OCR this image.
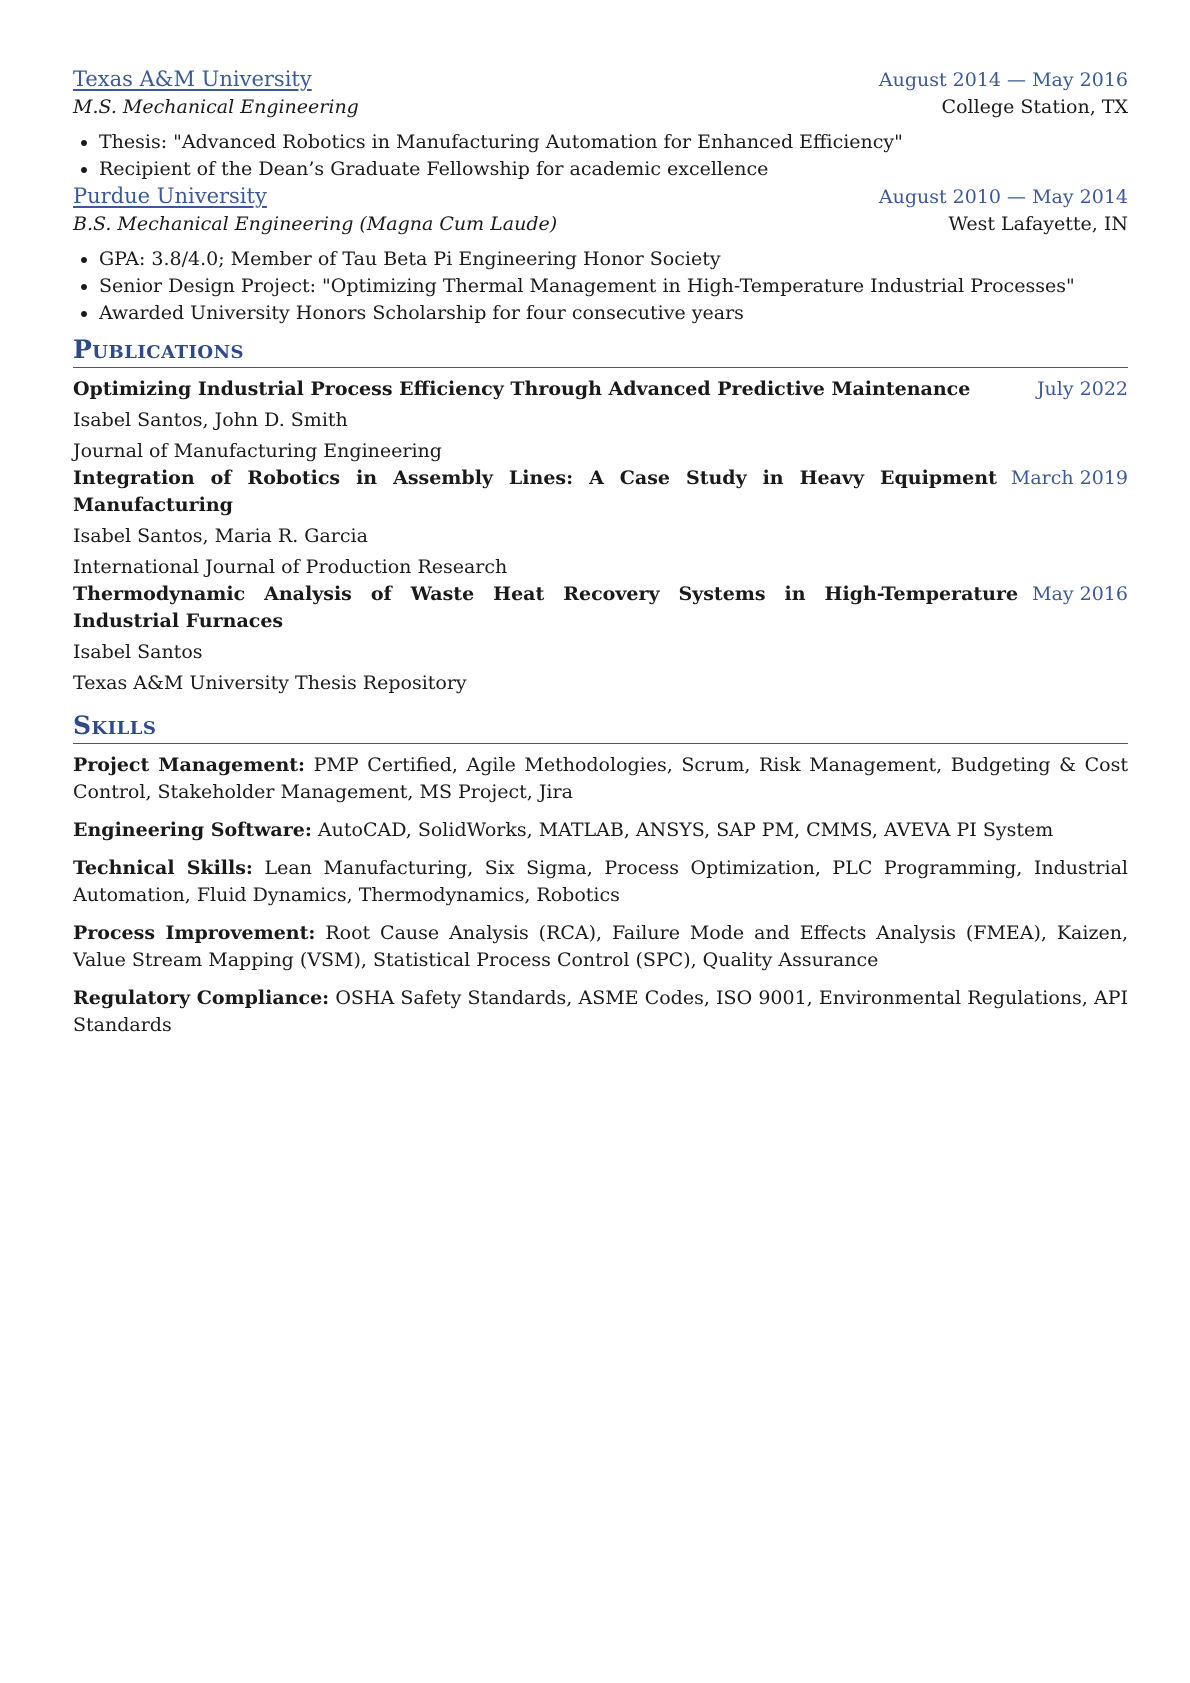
Texas A&M University	August 2014 — May 2016
M.S. Mechanical Engineering	College Station, TX
• Thesis: "Advanced Robotics in Manufacturing Automation for Enhanced Efficiency"
• Recipient of the Dean’s Graduate Fellowship for academic excellence
Purdue University	August 2010 — May 2014
B.S. Mechanical Engineering (Magna Cum Laude)	West Lafayette, IN
• GPA: 3.8/4.0; Member of Tau Beta Pi Engineering Honor Society
• Senior Design Project: "Optimizing Thermal Management in High-Temperature Industrial Processes"
• Awarded University Honors Scholarship for four consecutive years
Publications
Optimizing Industrial Process Efficiency Through Advanced Predictive Maintenance	July 2022
Isabel Santos, John D. Smith
Journal of Manufacturing Engineering
Integration of Robotics in Assembly Lines: A Case Study in Heavy Equipment Manufacturing
March 2019
Isabel Santos, Maria R. Garcia
International Journal of Production Research
Thermodynamic Analysis of Waste Heat Recovery Systems in High-Temperature Industrial Furnaces
May 2016
Isabel Santos
Texas A&M University Thesis Repository
Skills
Project Management: PMP Certified, Agile Methodologies, Scrum, Risk Management, Budgeting & Cost Control, Stakeholder Management, MS Project, Jira
Engineering Software: AutoCAD, SolidWorks, MATLAB, ANSYS, SAP PM, CMMS, AVEVA PI System
Technical Skills: Lean Manufacturing, Six Sigma, Process Optimization, PLC Programming, Industrial Automation, Fluid Dynamics, Thermodynamics, Robotics
Process Improvement: Root Cause Analysis (RCA), Failure Mode and Effects Analysis (FMEA), Kaizen, Value Stream Mapping (VSM), Statistical Process Control (SPC), Quality Assurance
Regulatory Compliance: OSHA Safety Standards, ASME Codes, ISO 9001, Environmental Regulations, API Standards
